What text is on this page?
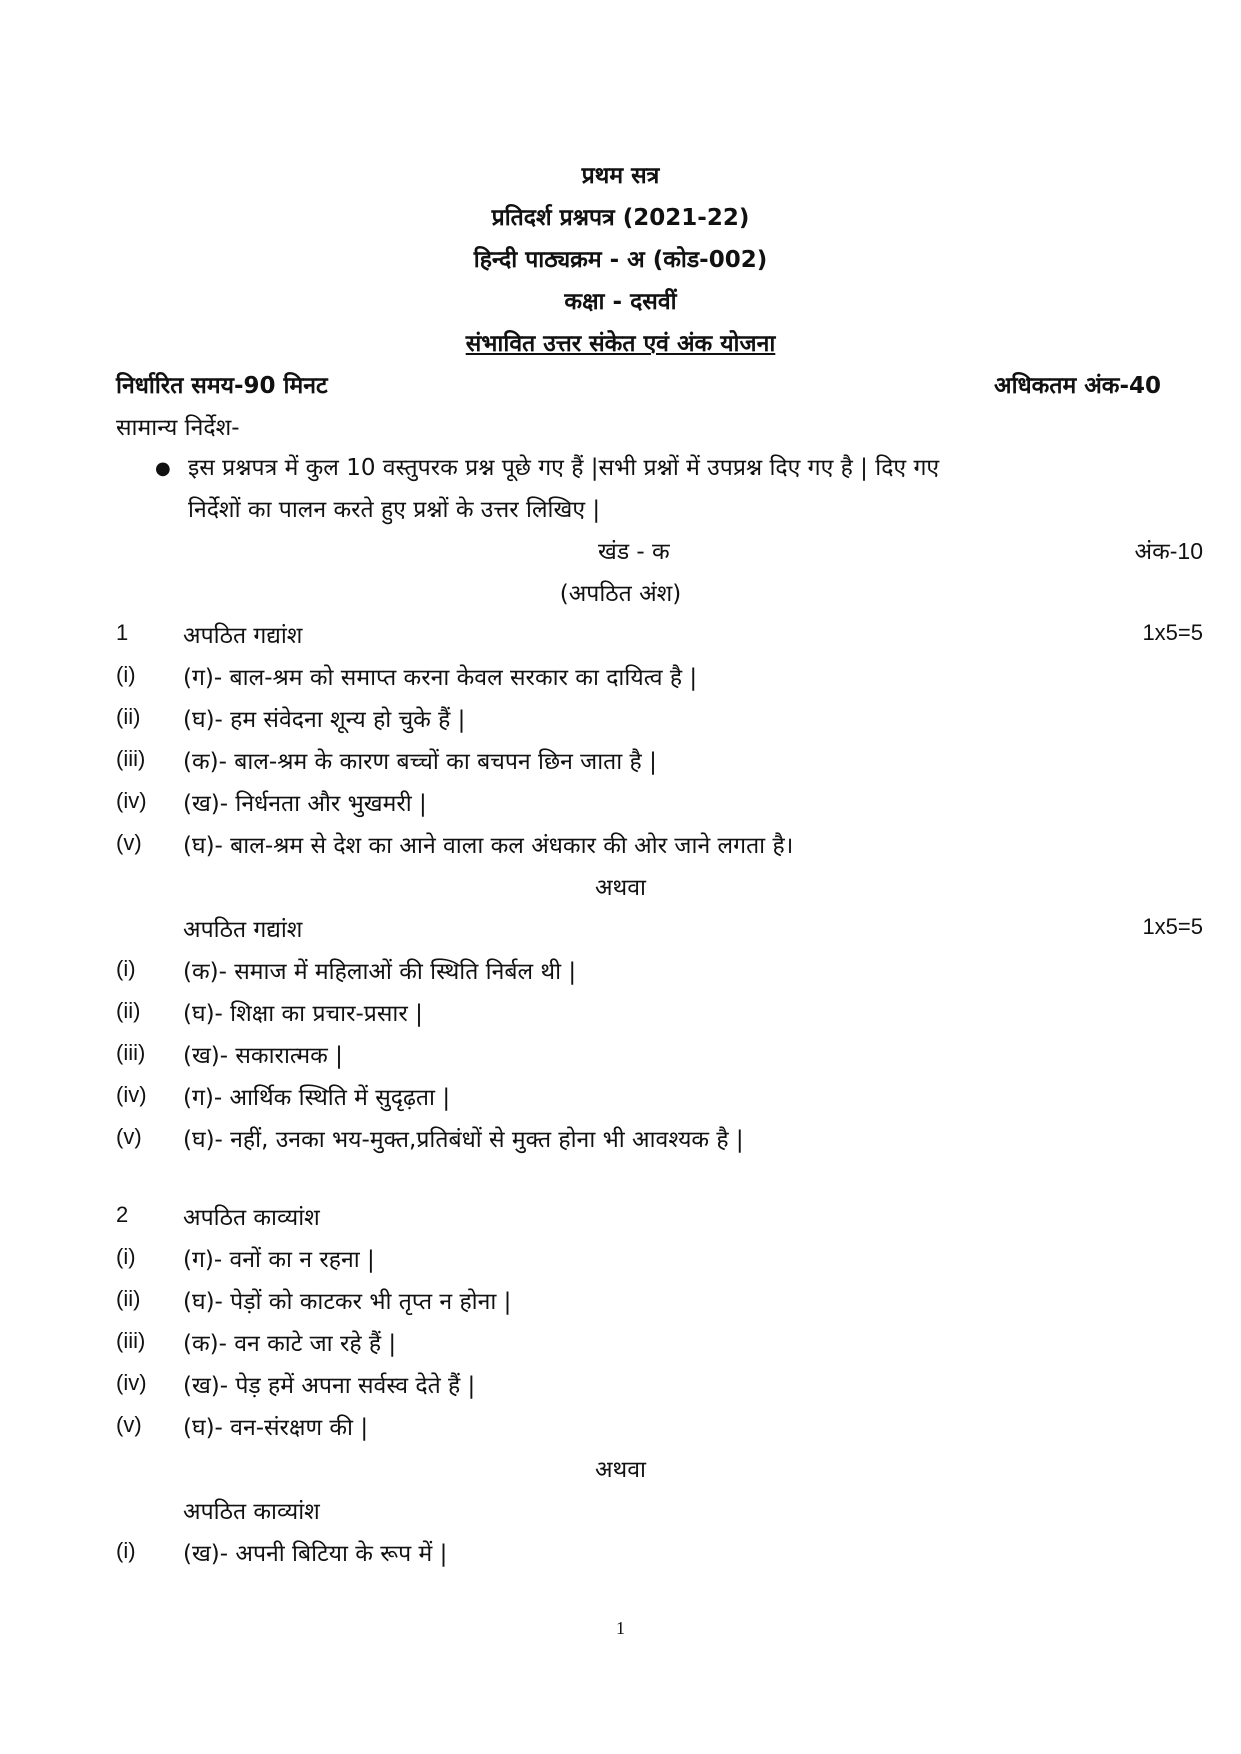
प्रथम सत्र
प्रतिदर्श प्रश्नपत्र (2021-22)
हिन्दी पाठ्यक्रम - अ (कोड-002)
कक्षा - दसवीं
संभावित उत्तर संकेत एवं अंक योजना
निर्धारित समय-90 मिनट	अधिकतम अंक-40
सामान्य निर्देश-
● इस प्रश्नपत्र में कुल 10 वस्तुपरक प्रश्न पूछे गए हैं |सभी प्रश्नों में उपप्रश्न दिए गए है | दिए गए
निर्देशों का पालन करते हुए प्रश्नों के उत्तर लिखिए |
खंड - क	अंक-10
(अपठित अंश)
1 अपठित गद्यांश	1x5=5
(i) (ग)- बाल-श्रम को समाप्त करना केवल सरकार का दायित्व है |
(ii) (घ)- हम संवेदना शून्य हो चुके हैं |
(iii) (क)- बाल-श्रम के कारण बच्चों का बचपन छिन जाता है |
(iv) (ख)- निर्धनता और भुखमरी |
(v) (घ)- बाल-श्रम से देश का आने वाला कल अंधकार की ओर जाने लगता है।
अथवा
अपठित गद्यांश	1x5=5
(i) (क)- समाज में महिलाओं की स्थिति निर्बल थी |
(ii) (घ)- शिक्षा का प्रचार-प्रसार |
(iii) (ख)- सकारात्मक |
(iv) (ग)- आर्थिक स्थिति में सुदृढ़ता |
(v) (घ)- नहीं, उनका भय-मुक्त,प्रतिबंधों से मुक्त होना भी आवश्यक है |
2 अपठित काव्यांश
(i) (ग)- वनों का न रहना |
(ii) (घ)- पेड़ों को काटकर भी तृप्त न होना |
(iii) (क)- वन काटे जा रहे हैं |
(iv) (ख)- पेड़ हमें अपना सर्वस्व देते हैं |
(v) (घ)- वन-संरक्षण की |
अथवा
अपठित काव्यांश
(i) (ख)- अपनी बिटिया के रूप में |
1
